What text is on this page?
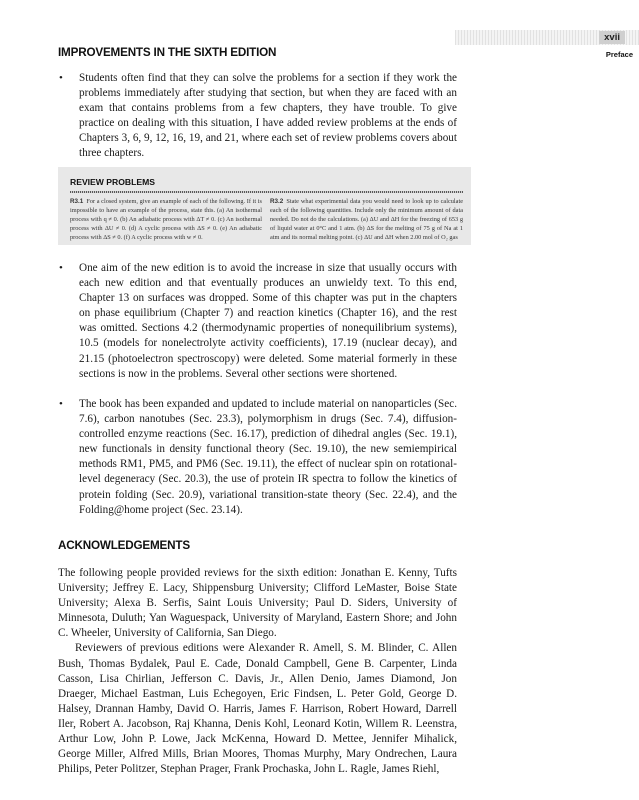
xvii
Preface
IMPROVEMENTS IN THE SIXTH EDITION
• Students often find that they can solve the problems for a section if they work the problems immediately after studying that section, but when they are faced with an exam that contains problems from a few chapters, they have trouble. To give practice on dealing with this situation, I have added review problems at the ends of Chapters 3, 6, 9, 12, 16, 19, and 21, where each set of review problems covers about three chapters.
REVIEW PROBLEMS
R3.1 For a closed system, give an example of each of the following. If it is impossible to have an example of the process, state this. (a) An isothermal process with q ≠ 0. (b) An adiabatic process with ΔT ≠ 0. (c) An isothermal process with ΔU ≠ 0. (d) A cyclic process with ΔS ≠ 0. (e) An adiabatic process with ΔS ≠ 0. (f) A cyclic process with w ≠ 0.
R3.2 State what experimental data you would need to look up to calculate each of the following quantities. Include only the minimum amount of data needed. Do not do the calculations. (a) ΔU and ΔH for the freezing of 653 g of liquid water at 0°C and 1 atm. (b) ΔS for the melting of 75 g of Na at 1 atm and its normal melting point. (c) ΔU and ΔH when 2.00 mol of O₂ gas
• One aim of the new edition is to avoid the increase in size that usually occurs with each new edition and that eventually produces an unwieldy text. To this end, Chapter 13 on surfaces was dropped. Some of this chapter was put in the chapters on phase equilibrium (Chapter 7) and reaction kinetics (Chapter 16), and the rest was omitted. Sections 4.2 (thermodynamic properties of nonequilibrium systems), 10.5 (models for nonelectrolyte activity coefficients), 17.19 (nuclear decay), and 21.15 (photoelectron spectroscopy) were deleted. Some material formerly in these sections is now in the problems. Several other sections were shortened.
• The book has been expanded and updated to include material on nanoparticles (Sec. 7.6), carbon nanotubes (Sec. 23.3), polymorphism in drugs (Sec. 7.4), diffusion-controlled enzyme reactions (Sec. 16.17), prediction of dihedral angles (Sec. 19.1), new functionals in density functional theory (Sec. 19.10), the new semiempirical methods RM1, PM5, and PM6 (Sec. 19.11), the effect of nuclear spin on rotational-level degeneracy (Sec. 20.3), the use of protein IR spectra to follow the kinetics of protein folding (Sec. 20.9), variational transition-state theory (Sec. 22.4), and the Folding@home project (Sec. 23.14).
ACKNOWLEDGEMENTS

The following people provided reviews for the sixth edition: Jonathan E. Kenny, Tufts University; Jeffrey E. Lacy, Shippensburg University; Clifford LeMaster, Boise State University; Alexa B. Serfis, Saint Louis University; Paul D. Siders, University of Minnesota, Duluth; Yan Waguespack, University of Maryland, Eastern Shore; and John C. Wheeler, University of California, San Diego.

Reviewers of previous editions were Alexander R. Amell, S. M. Blinder, C. Allen Bush, Thomas Bydalek, Paul E. Cade, Donald Campbell, Gene B. Carpenter, Linda Casson, Lisa Chirlian, Jefferson C. Davis, Jr., Allen Denio, James Diamond, Jon Draeger, Michael Eastman, Luis Echegoyen, Eric Findsen, L. Peter Gold, George D. Halsey, Drannan Hamby, David O. Harris, James F. Harrison, Robert Howard, Darrell Iler, Robert A. Jacobson, Raj Khanna, Denis Kohl, Leonard Kotin, Willem R. Leenstra, Arthur Low, John P. Lowe, Jack McKenna, Howard D. Mettee, Jennifer Mihalick, George Miller, Alfred Mills, Brian Moores, Thomas Murphy, Mary Ondrechen, Laura Philips, Peter Politzer, Stephan Prager, Frank Prochaska, John L. Ragle, James Riehl,
